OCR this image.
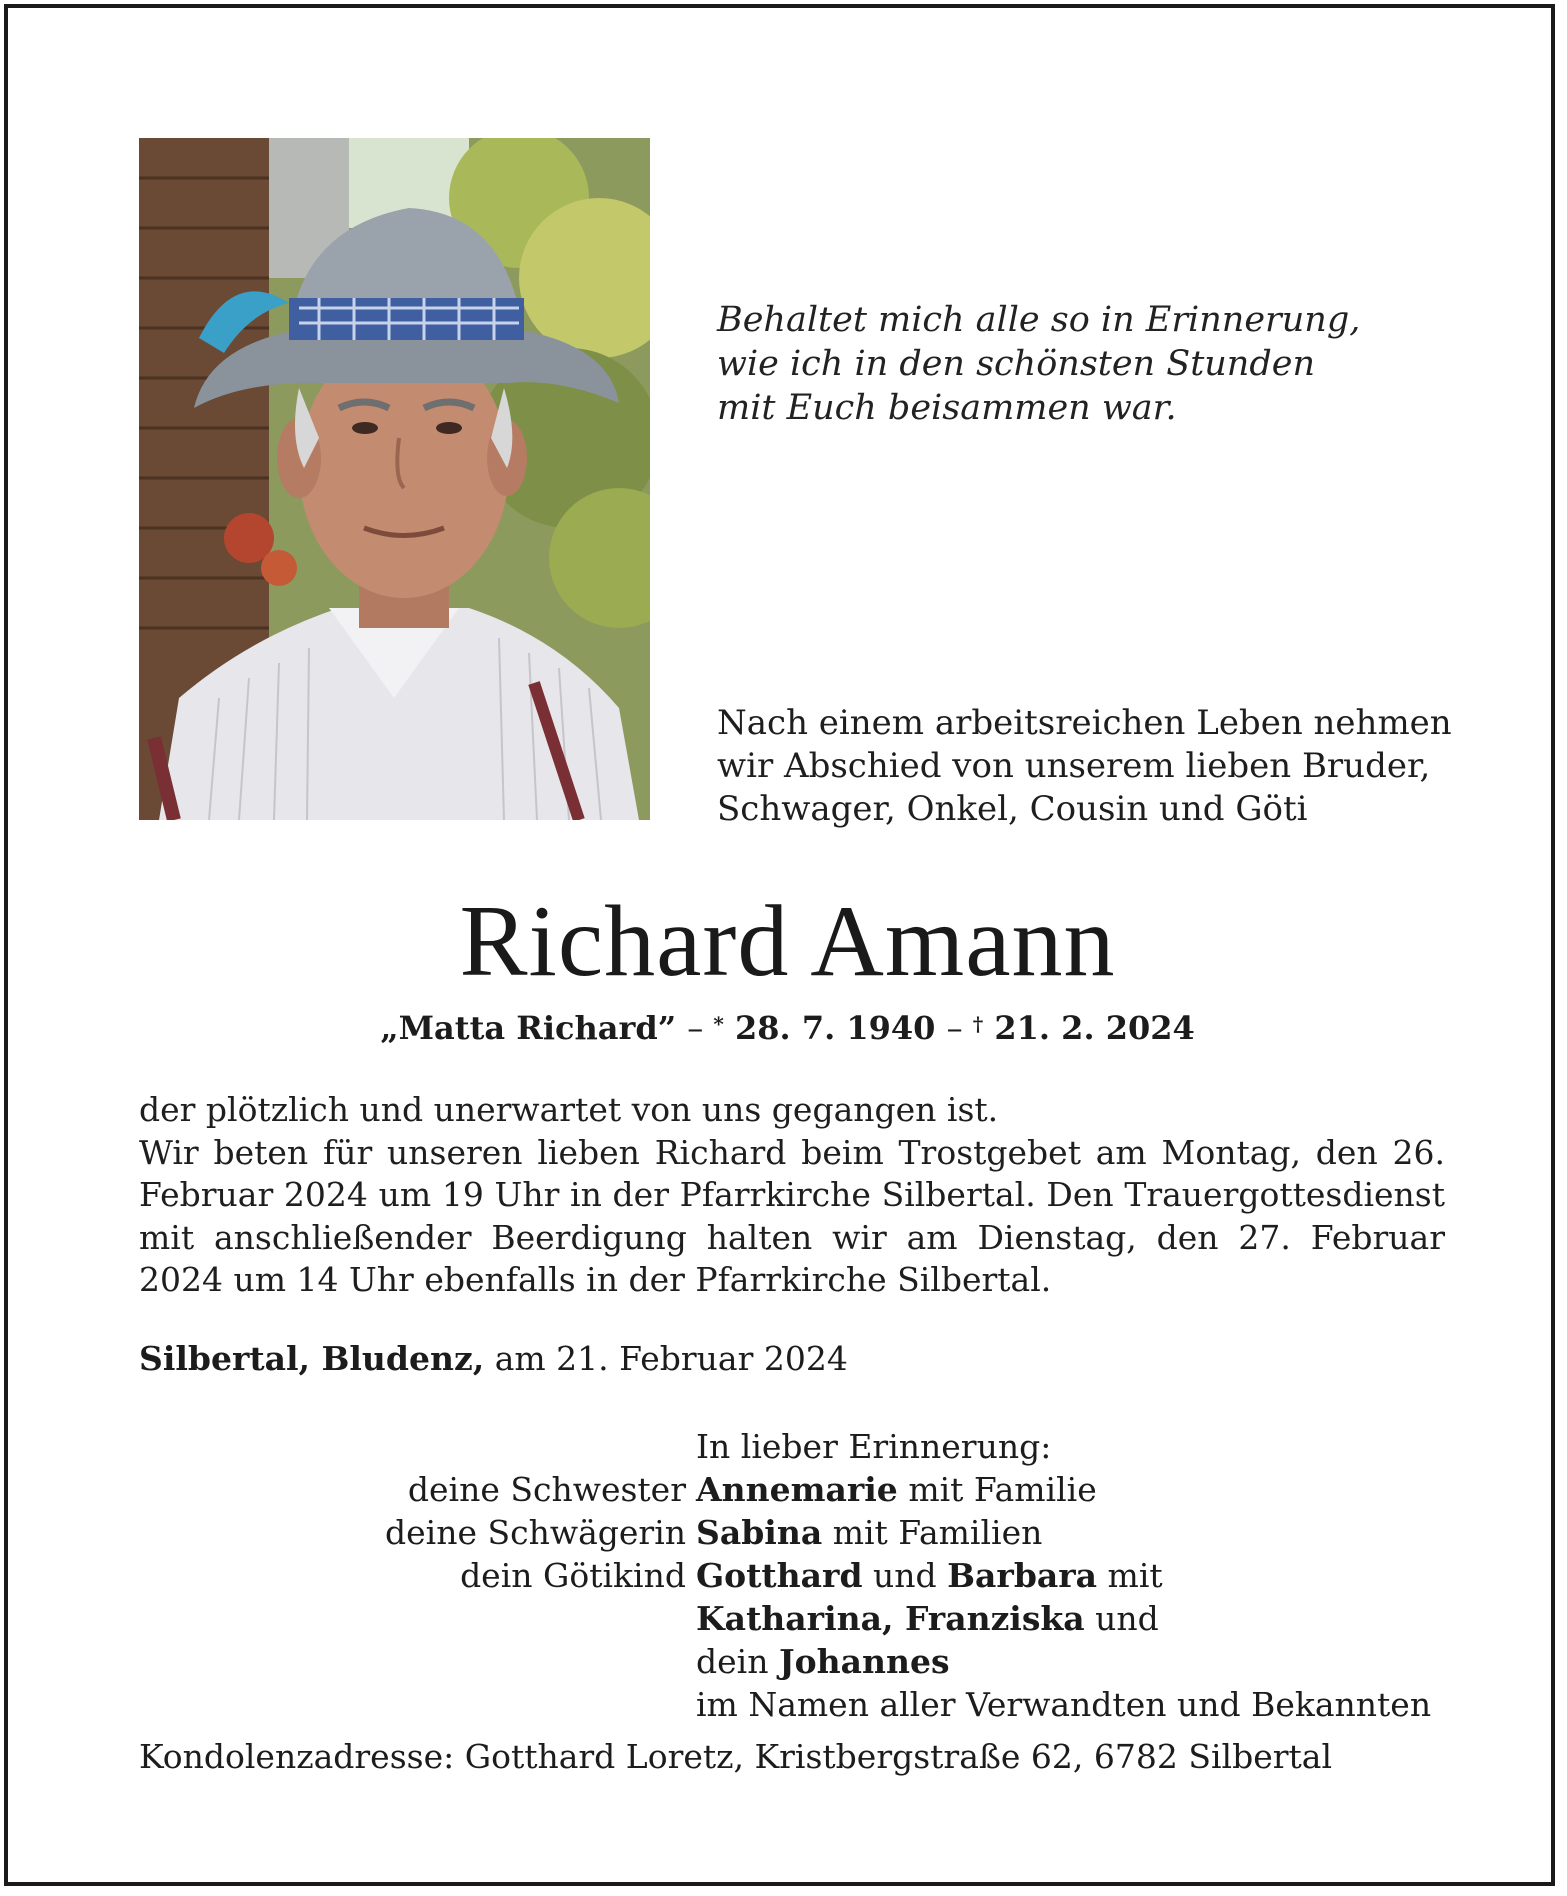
Behaltet mich alle so in Erinnerung,
wie ich in den schönsten Stunden
mit Euch beisammen war.
Nach einem arbeitsreichen Leben nehmen
wir Abschied von unserem lieben Bruder,
Schwager, Onkel, Cousin und Göti
Richard Amann
„Matta Richard” – * 28. 7. 1940 – † 21. 2. 2024
der plötzlich und unerwartet von uns gegangen ist.
Wir beten für unseren lieben Richard beim Trostgebet am Montag, den 26. Februar 2024 um 19 Uhr in der Pfarrkirche Silbertal. Den Trauergottesdienst mit anschließender Beerdigung halten wir am Dienstag, den 27. Februar 2024 um 14 Uhr ebenfalls in der Pfarrkirche Silbertal.
Silbertal, Bludenz, am 21. Februar 2024
In lieber Erinnerung:
deine Schwester Annemarie mit Familie
deine Schwägerin Sabina mit Familien
dein Götikind Gotthard und Barbara mit
Katharina, Franziska und
dein Johannes
im Namen aller Verwandten und Bekannten
Kondolenzadresse: Gotthard Loretz, Kristbergstraße 62, 6782 Silbertal
